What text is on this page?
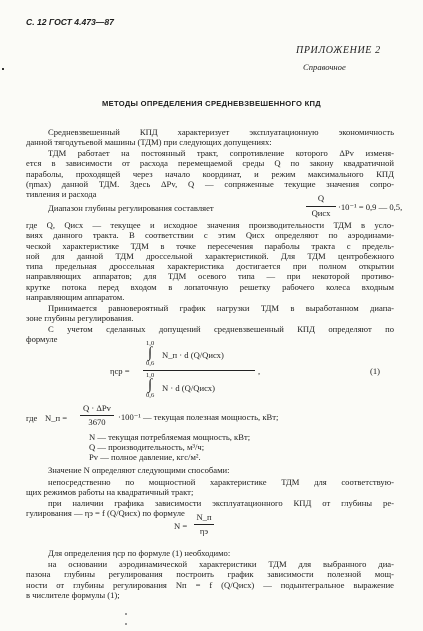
С. 12 ГОСТ 4.473—87
ПРИЛОЖЕНИЕ 2
Справочное
МЕТОДЫ ОПРЕДЕЛЕНИЯ СРЕДНЕВЗВЕШЕННОГО КПД
Средневзвешенный КПД характеризует эксплуатационную экономичность
данной тягодутьевой машины (ТДМ) при следующих допущениях:
ТДМ работает на постоянный тракт, сопротивление которого ΔPv изменя-
ется в зависимости от расхода перемещаемой среды Q по закону квадратичной
параболы, проходящей через начало координат, и режим максимального КПД
(ηmax) данной ТДМ. Здесь ΔPv, Q — сопряженные текущие значения сопро-
тивления и расхода
Диапазон глубины регулирования составляет
Q
Qисх
·10⁻¹ = 0,9 — 0,5,
где Q, Qисх — текущее и исходное значения производительности ТДМ в усло-
виях данного тракта. В соответствии с этим Qисх определяют по аэродинами-
ческой характеристике ТДМ в точке пересечения параболы тракта с предель-
ной для данной ТДМ дроссельной характеристикой. Для ТДМ центробежного
типа предельная дроссельная характеристика достигается при полном открытии
направляющих аппаратов; для ТДМ осевого типа — при некоторой противо-
крутке потока перед входом в лопаточную решетку рабочего колеса входным
направляющим аппаратом.
Принимается равновероятный график нагрузки ТДМ в выработанном диапа-
зоне глубины регулирования.
С учетом сделанных допущений средневзвешенный КПД определяют по
формуле
ηср =
1,0
∫ N_п · d (Q/Qисх)
0,6
1,0
∫ N · d (Q/Qисх)
0,6
,	(1)
где N_п =
Q · ΔPv
3670	·100⁻¹ — текущая полезная мощность, кВт;
N — текущая потребляемая мощность, кВт;
Q — производительность, м³/ч;
Pv — полное давление, кгс/м².
Значение N определяют следующими способами:
непосредственно по мощностной характеристике ТДМ для соответствую-
щих режимов работы на квадратичный тракт;
при наличии графика зависимости эксплуатационного КПД от глубины ре-
гулирования — ηэ = f (Q/Qисх) по формуле
N =
N_п
ηэ
Для определения ηср по формуле (1) необходимо:
на основании аэродинамической характеристики ТДМ для выбранного диа-
пазона глубины регулирования построить график зависимости полезной мощ-
ности от глубины регулирования Nп = f (Q/Qисх) — подынтегральное выражение
в числителе формулы (1);
